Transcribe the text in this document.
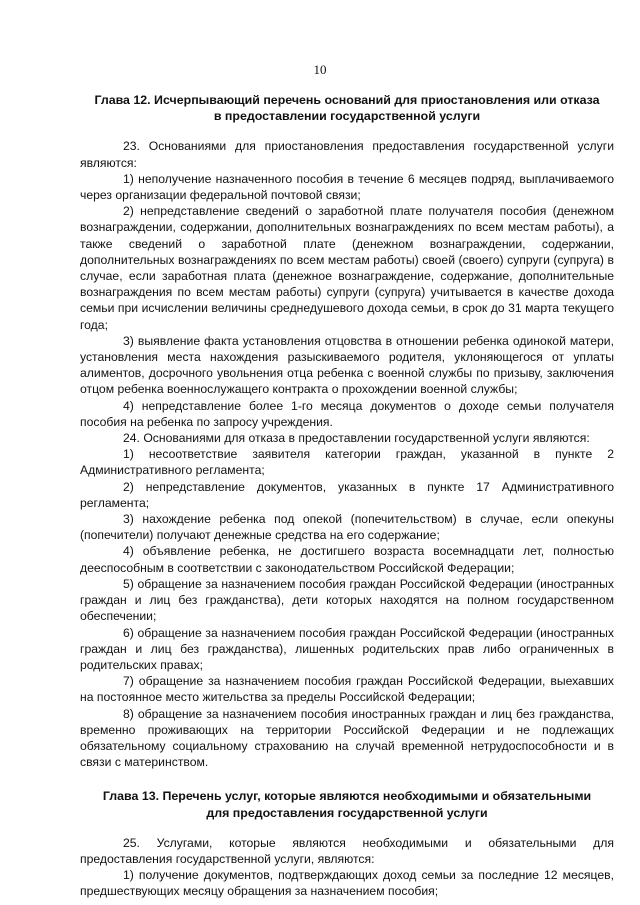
10
Глава 12. Исчерпывающий перечень оснований для приостановления или отказа
в предоставлении государственной услуги

23. Основаниями для приостановления предоставления государственной услуги являются:

1) неполучение назначенного пособия в течение 6 месяцев подряд, выплачиваемого через организации федеральной почтовой связи;

2) непредставление сведений о заработной плате получателя пособия (денежном вознаграждении, содержании, дополнительных вознаграждениях по всем местам работы), а также сведений о заработной плате (денежном вознаграждении, содержании, дополнительных вознаграждениях по всем местам работы) своей (своего) супруги (супруга) в случае, если заработная плата (денежное вознаграждение, содержание, дополнительные вознаграждения по всем местам работы) супруги (супруга) учитывается в качестве дохода семьи при исчислении величины среднедушевого дохода семьи, в срок до 31 марта текущего года;

3) выявление факта установления отцовства в отношении ребенка одинокой матери, установления места нахождения разыскиваемого родителя, уклоняющегося от уплаты алиментов, досрочного увольнения отца ребенка с военной службы по призыву, заключения отцом ребенка военнослужащего контракта о прохождении военной службы;

4) непредставление более 1-го месяца документов о доходе семьи получателя пособия на ребенка по запросу учреждения.

24. Основаниями для отказа в предоставлении государственной услуги являются:

1) несоответствие заявителя категории граждан, указанной в пункте 2 Административного регламента;

2) непредставление документов, указанных в пункте 17 Административного регламента;

3) нахождение ребенка под опекой (попечительством) в случае, если опекуны (попечители) получают денежные средства на его содержание;

4) объявление ребенка, не достигшего возраста восемнадцати лет, полностью дееспособным в соответствии с законодательством Российской Федерации;

5) обращение за назначением пособия граждан Российской Федерации (иностранных граждан и лиц без гражданства), дети которых находятся на полном государственном обеспечении;

6) обращение за назначением пособия граждан Российской Федерации (иностранных граждан и лиц без гражданства), лишенных родительских прав либо ограниченных в родительских правах;

7) обращение за назначением пособия граждан Российской Федерации, выехавших на постоянное место жительства за пределы Российской Федерации;

8) обращение за назначением пособия иностранных граждан и лиц без гражданства, временно проживающих на территории Российской Федерации и не подлежащих обязательному социальному страхованию на случай временной нетрудоспособности и в связи с материнством.

Глава 13. Перечень услуг, которые являются необходимыми и обязательными
для предоставления государственной услуги

25. Услугами, которые являются необходимыми и обязательными для предоставления государственной услуги, являются:

1) получение документов, подтверждающих доход семьи за последние 12 месяцев, предшествующих месяцу обращения за назначением пособия;
